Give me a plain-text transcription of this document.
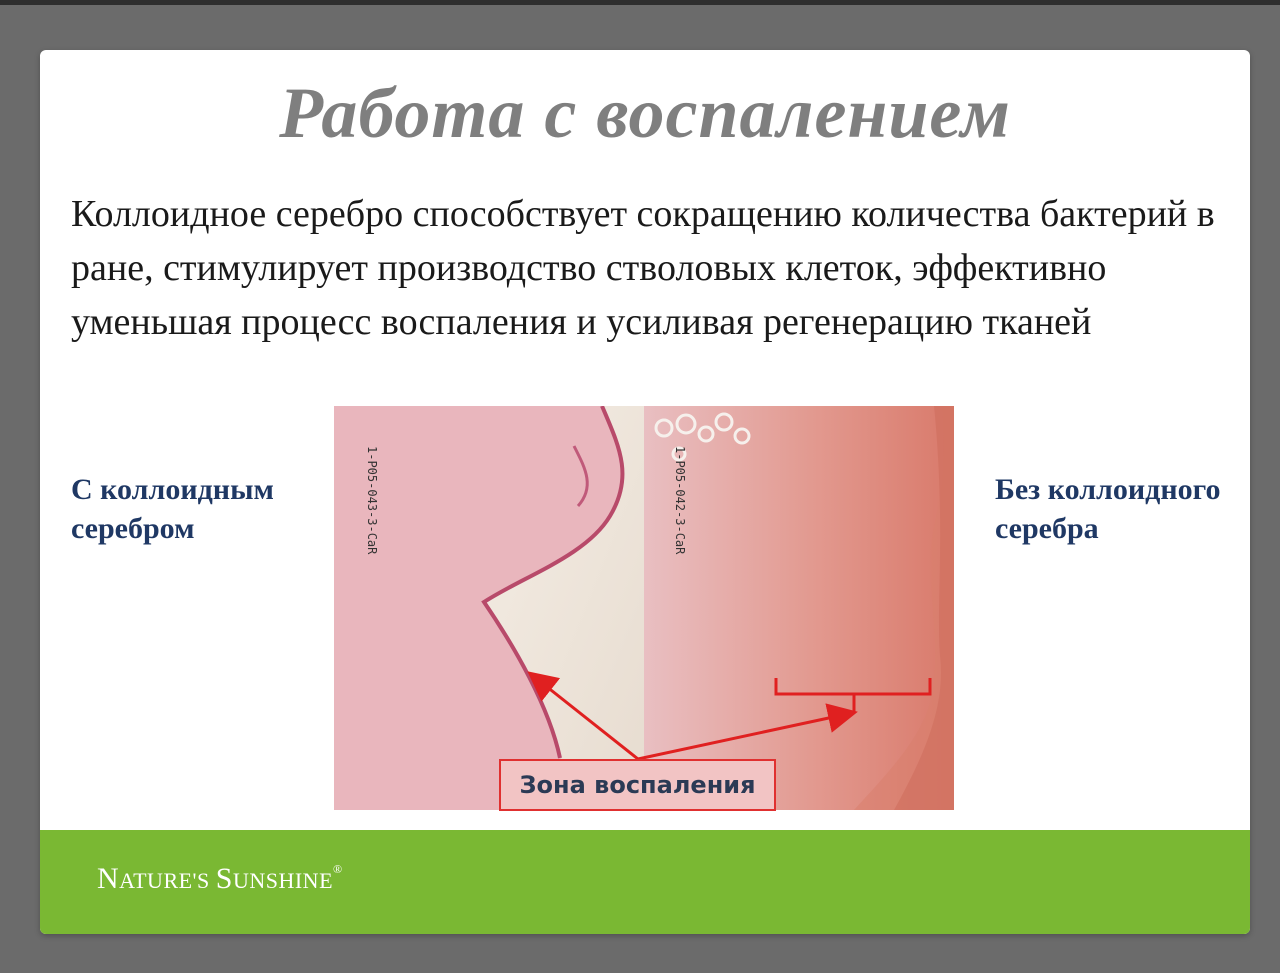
Работа с воспалением
Коллоидное серебро способствует сокращению количества бактерий в ране, стимулирует производство стволовых клеток, эффективно уменьшая процесс воспаления и усиливая регенерацию тканей
С коллоидным серебром
Без коллоидного серебра
1-P05-043-3-CaR	1-P05-042-3-CaR
Зона воспаления
NATURE'S SUNSHINE®
